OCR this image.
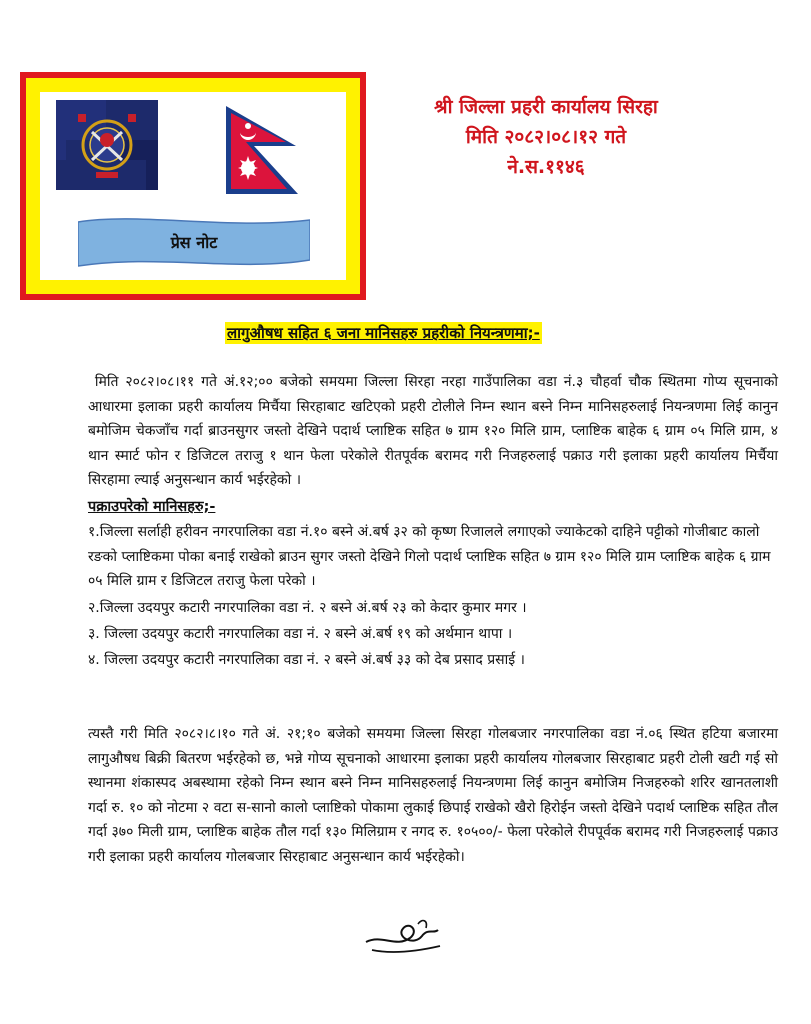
प्रेस नोट
श्री जिल्ला प्रहरी कार्यालय सिरहा
मिति २०८२।०८।१२ गते
ने.स.११४६
लागुऔषध सहित ६ जना मानिसहरु प्रहरीको नियन्त्रणमा;-
मिति २०८२।०८।११ गते अं.१२;०० बजेको समयमा जिल्ला सिरहा नरहा गाउँपालिका वडा नं.३ चौहर्वा चौक स्थितमा गोप्य सूचनाको आधारमा इलाका प्रहरी कार्यालय मिर्चैया सिरहाबाट खटिएको प्रहरी टोलीले निम्न स्थान बस्ने निम्न मानिसहरुलाई नियन्त्रणमा लिई कानुन बमोजिम चेकजाँच गर्दा ब्राउनसुगर जस्तो देखिने पदार्थ प्लाष्टिक सहित ७ ग्राम १२० मिलि ग्राम, प्लाष्टिक बाहेक ६ ग्राम ०५ मिलि ग्राम, ४ थान स्मार्ट फोन र डिजिटल तराजु १ थान फेला परेकोले रीतपूर्वक बरामद गरी निजहरुलाई पक्राउ गरी इलाका प्रहरी कार्यालय मिर्चैया सिरहामा ल्याई अनुसन्धान कार्य भईरहेको ।
पक्राउपरेको मानिसहरु;-
१.जिल्ला सर्लाही हरीवन नगरपालिका वडा नं.१० बस्ने अं.बर्ष ३२ को कृष्ण रिजालले लगाएको ज्याकेटको दाहिने पट्टीको गोजीबाट कालो रङको प्लाष्टिकमा पोका बनाई राखेको ब्राउन सुगर जस्तो देखिने गिलो पदार्थ प्लाष्टिक सहित ७ ग्राम १२० मिलि ग्राम प्लाष्टिक बाहेक ६ ग्राम ०५ मिलि ग्राम र डिजिटल तराजु फेला परेको ।
२.जिल्ला उदयपुर कटारी नगरपालिका वडा नं. २ बस्ने अं.बर्ष २३ को केदार कुमार मगर ।
३. जिल्ला उदयपुर कटारी नगरपालिका वडा नं. २ बस्ने अं.बर्ष १९ को अर्थमान थापा ।
४. जिल्ला उदयपुर कटारी नगरपालिका वडा नं. २ बस्ने अं.बर्ष ३३ को देब प्रसाद प्रसाई ।
त्यस्तै गरी मिति २०८२।८।१० गते अं. २१;१० बजेको समयमा जिल्ला सिरहा गोलबजार नगरपालिका वडा नं.०६ स्थित हटिया बजारमा लागुऔषध बिक्री बितरण भईरहेको छ, भन्ने गोप्य सूचनाको आधारमा इलाका प्रहरी कार्यालय गोलबजार सिरहाबाट प्रहरी टोली खटी गई सो स्थानमा शंकास्पद अबस्थामा रहेको निम्न स्थान बस्ने निम्न मानिसहरुलाई नियन्त्रणमा लिई कानुन बमोजिम निजहरुको शरिर खानतलाशी गर्दा रु. १० को नोटमा २ वटा स-सानो कालो प्लाष्टिको पोकामा लुकाई छिपाई राखेको खैरो हिरोईन जस्तो देखिने पदार्थ प्लाष्टिक सहित तौल गर्दा ३७० मिली ग्राम, प्लाष्टिक बाहेक तौल गर्दा १३० मिलिग्राम र नगद रु. १०५००/- फेला परेकोले रीपपूर्वक बरामद गरी निजहरुलाई पक्राउ गरी इलाका प्रहरी कार्यालय गोलबजार सिरहाबाट अनुसन्धान कार्य भईरहेको।
